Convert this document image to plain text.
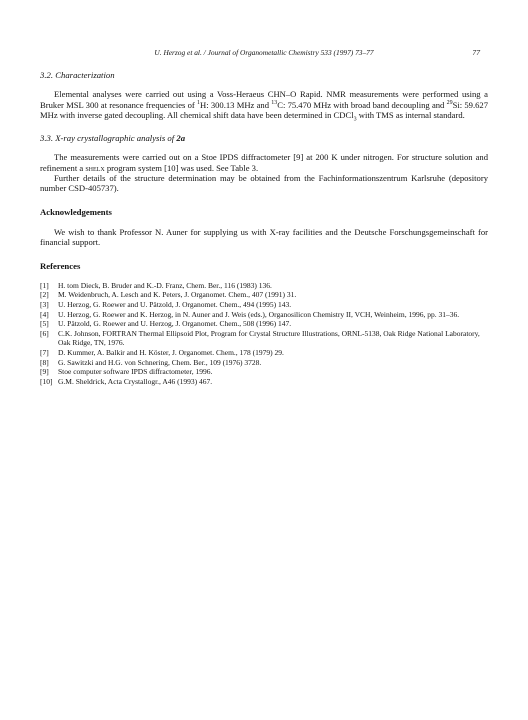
U. Herzog et al. / Journal of Organometallic Chemistry 533 (1997) 73–77	77
3.2. Characterization

Elemental analyses were carried out using a Voss-Heraeus CHN–O Rapid. NMR measurements were performed using a Bruker MSL 300 at resonance frequencies of $^1$H: 300.13 MHz and $^{13}$C: 75.470 MHz with broad band decoupling and $^{29}$Si: 59.627 MHz with inverse gated decoupling. All chemical shift data have been determined in CDCl$_3$ with TMS as internal standard.

3.3. X-ray crystallographic analysis of 2a

The measurements were carried out on a Stoe IPDS diffractometer [9] at 200 K under nitrogen. For structure solution and refinement a shelx program system [10] was used. See Table 3.

Further details of the structure determination may be obtained from the Fachinformationszentrum Karlsruhe (depository number CSD-405737).

Acknowledgements

We wish to thank Professor N. Auner for supplying us with X-ray facilities and the Deutsche Forschungsgemeinschaft for financial support.

References
[1]	H. tom Dieck, B. Bruder and K.-D. Franz, Chem. Ber., 116 (1983) 136.
[2]	M. Weidenbruch, A. Lesch and K. Peters, J. Organomet. Chem., 407 (1991) 31.
[3]	U. Herzog, G. Roewer and U. Pätzold, J. Organomet. Chem., 494 (1995) 143.
[4]	U. Herzog, G. Roewer and K. Herzog, in N. Auner and J. Weis (eds.), Organosilicon Chemistry II, VCH, Weinheim, 1996, pp. 31–36.
[5]	U. Pätzold, G. Roewer and U. Herzog, J. Organomet. Chem., 508 (1996) 147.
[6]	C.K. Johnson, FORTRAN Thermal Ellipsoid Plot, Program for Crystal Structure Illustrations, ORNL-5138, Oak Ridge National Laboratory, Oak Ridge, TN, 1976.
[7]	D. Kummer, A. Balkir and H. Köster, J. Organomet. Chem., 178 (1979) 29.
[8]	G. Sawitzki and H.G. von Schnering, Chem. Ber., 109 (1976) 3728.
[9]	Stoe computer software IPDS diffractometer, 1996.
[10] G.M. Sheldrick, Acta Crystallogr., A46 (1993) 467.
